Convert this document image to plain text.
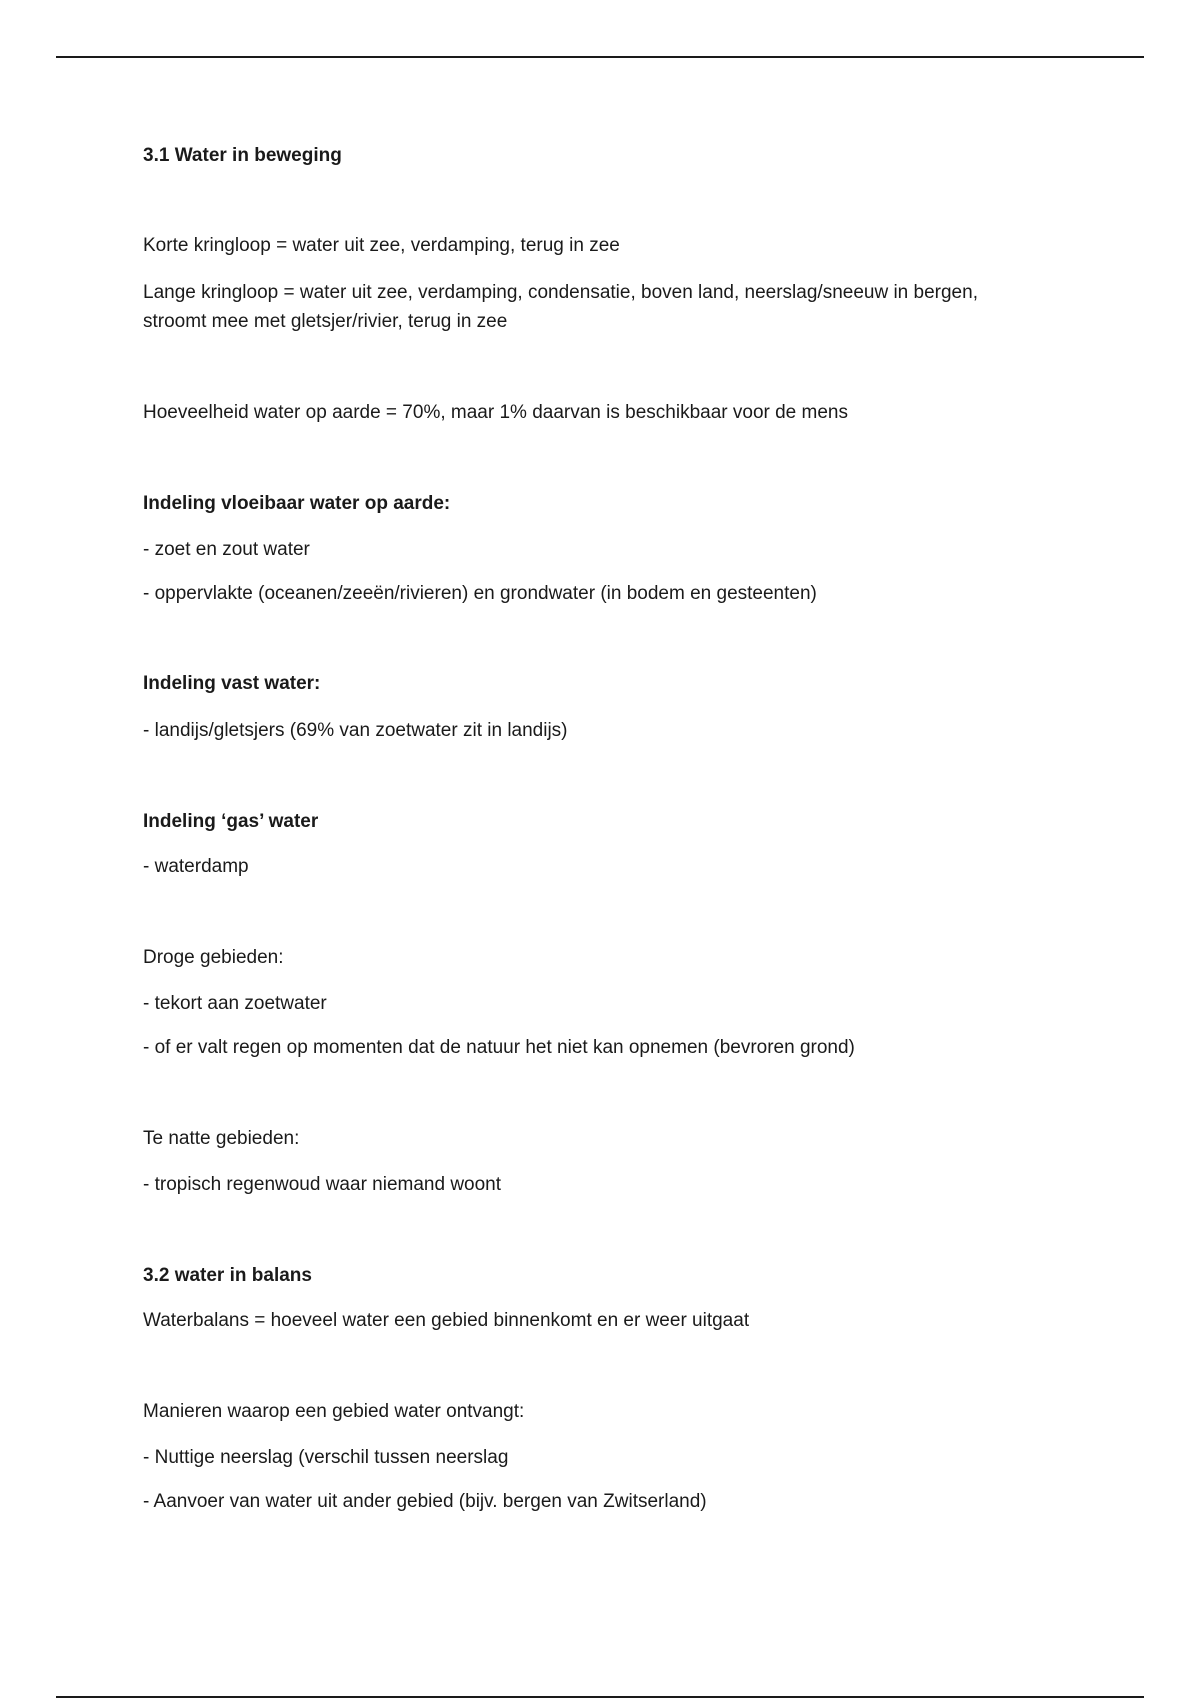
3.1 Water in beweging
Korte kringloop = water uit zee, verdamping, terug in zee
Lange kringloop = water uit zee, verdamping, condensatie, boven land, neerslag/sneeuw in bergen,
stroomt mee met gletsjer/rivier, terug in zee
Hoeveelheid water op aarde = 70%, maar 1% daarvan is beschikbaar voor de mens
Indeling vloeibaar water op aarde:
- zoet en zout water
- oppervlakte (oceanen/zeeën/rivieren) en grondwater (in bodem en gesteenten)
Indeling vast water:
- landijs/gletsjers (69% van zoetwater zit in landijs)
Indeling ‘gas’ water
- waterdamp
Droge gebieden:
- tekort aan zoetwater
- of er valt regen op momenten dat de natuur het niet kan opnemen (bevroren grond)
Te natte gebieden:
- tropisch regenwoud waar niemand woont
3.2 water in balans
Waterbalans = hoeveel water een gebied binnenkomt en er weer uitgaat
Manieren waarop een gebied water ontvangt:
- Nuttige neerslag (verschil tussen neerslag
- Aanvoer van water uit ander gebied (bijv. bergen van Zwitserland)
